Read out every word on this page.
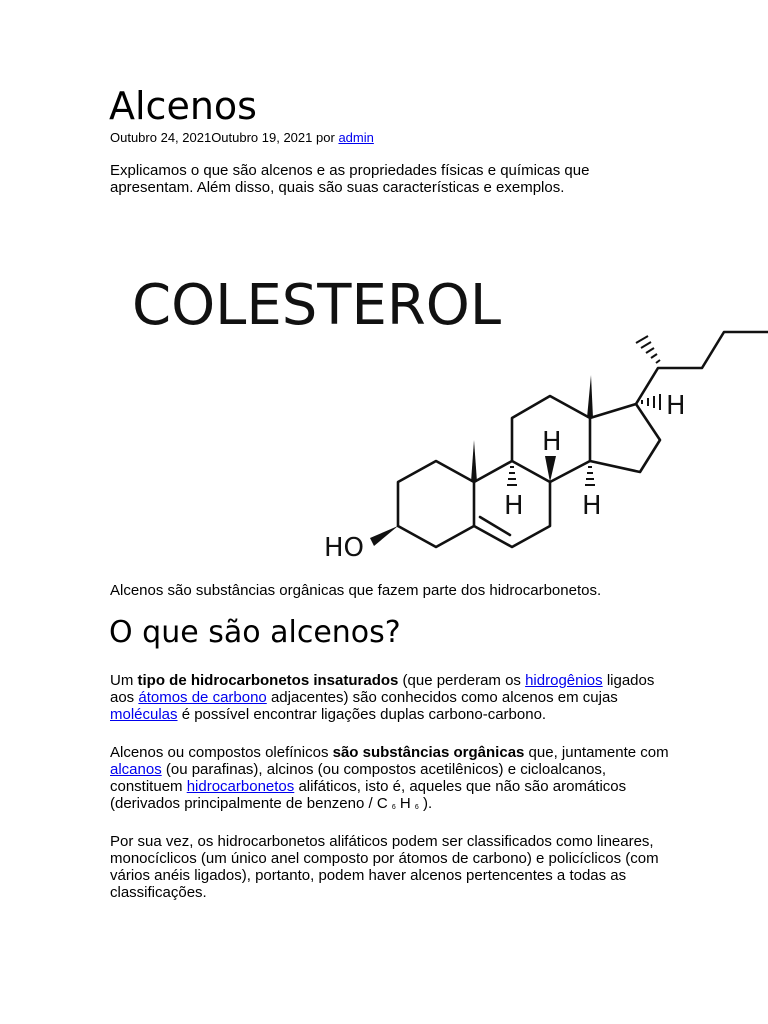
Alcenos
Outubro 24, 2021Outubro 19, 2021 por admin

Explicamos o que são alcenos e as propriedades físicas e químicas que apresentam. Além disso, quais são suas características e exemplos.

COLESTEROL
HO
H
H H
H

Alcenos são substâncias orgânicas que fazem parte dos hidrocarbonetos.

O que são alcenos?

Um tipo de hidrocarbonetos insaturados (que perderam os hidrogênios ligados aos átomos de carbono adjacentes) são conhecidos como alcenos em cujas moléculas é possível encontrar ligações duplas carbono-carbono.

Alcenos ou compostos olefínicos são substâncias orgânicas que, juntamente com alcanos (ou parafinas), alcinos (ou compostos acetilênicos) e cicloalcanos, constituem hidrocarbonetos alifáticos, isto é, aqueles que não são aromáticos (derivados principalmente de benzeno / C $_6$ H $_6$ ).

Por sua vez, os hidrocarbonetos alifáticos podem ser classificados como lineares, monocíclicos (um único anel composto por átomos de carbono) e policíclicos (com vários anéis ligados), portanto, podem haver alcenos pertencentes a todas as classificações.
